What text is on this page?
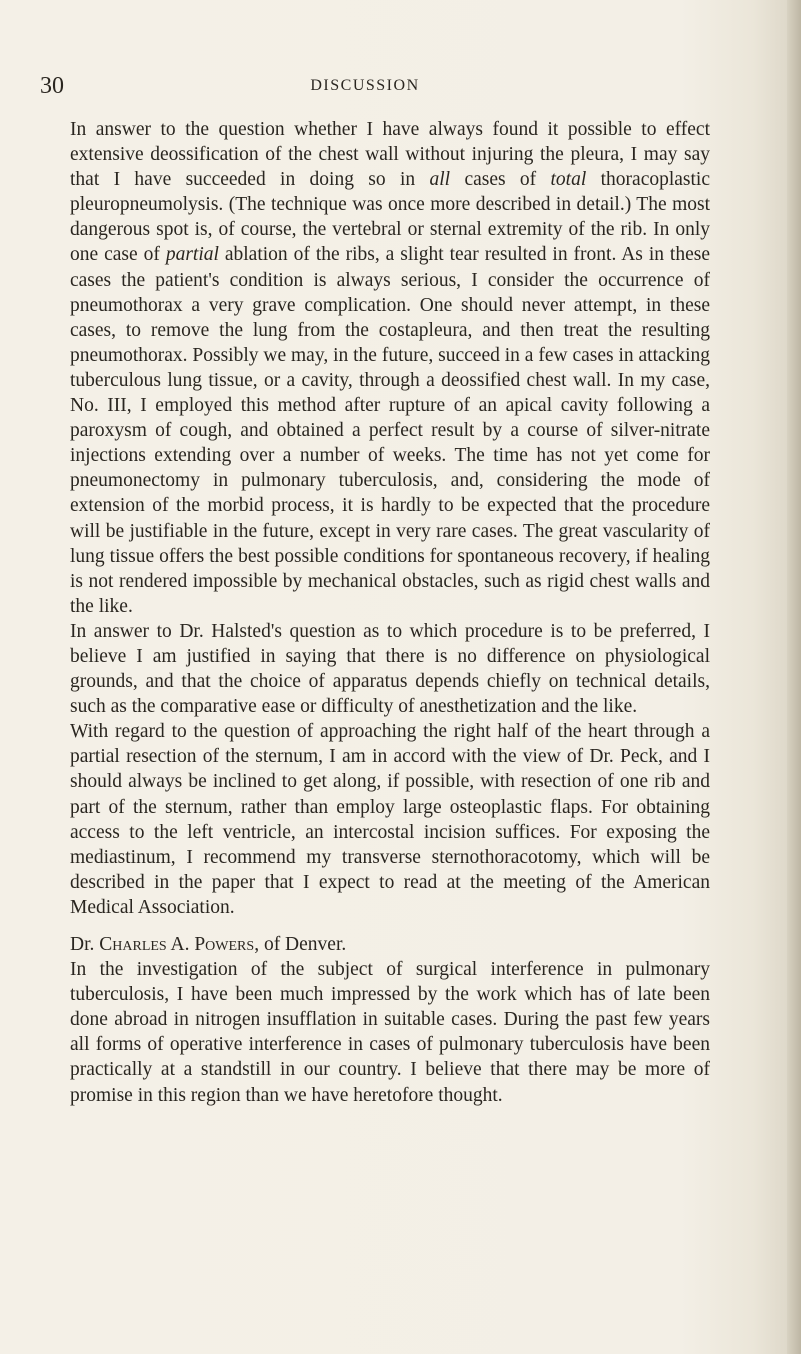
30	DISCUSSION

In answer to the question whether I have always found it possible to effect extensive deossification of the chest wall without injuring the pleura, I may say that I have succeeded in doing so in all cases of total thoracoplastic pleuropneumolysis. (The technique was once more described in detail.) The most dangerous spot is, of course, the vertebral or sternal extremity of the rib. In only one case of partial ablation of the ribs, a slight tear resulted in front. As in these cases the patient's condition is always serious, I consider the occurrence of pneumothorax a very grave complication. One should never attempt, in these cases, to remove the lung from the costapleura, and then treat the resulting pneumothorax. Possibly we may, in the future, succeed in a few cases in attacking tuberculous lung tissue, or a cavity, through a deossified chest wall. In my case, No. III, I employed this method after rupture of an apical cavity following a paroxysm of cough, and obtained a perfect result by a course of silver-nitrate injections extending over a number of weeks. The time has not yet come for pneumonectomy in pulmonary tuberculosis, and, considering the mode of extension of the morbid process, it is hardly to be expected that the procedure will be justifiable in the future, except in very rare cases. The great vascularity of lung tissue offers the best possible conditions for spontaneous recovery, if healing is not rendered impossible by mechanical obstacles, such as rigid chest walls and the like.

In answer to Dr. Halsted's question as to which procedure is to be preferred, I believe I am justified in saying that there is no difference on physiological grounds, and that the choice of apparatus depends chiefly on technical details, such as the comparative ease or difficulty of anesthetization and the like.

With regard to the question of approaching the right half of the heart through a partial resection of the sternum, I am in accord with the view of Dr. Peck, and I should always be inclined to get along, if possible, with resection of one rib and part of the sternum, rather than employ large osteoplastic flaps. For obtaining access to the left ventricle, an intercostal incision suffices. For exposing the mediastinum, I recommend my transverse sternothoracotomy, which will be described in the paper that I expect to read at the meeting of the American Medical Association.

Dr. Charles A. Powers, of Denver.

In the investigation of the subject of surgical interference in pulmonary tuberculosis, I have been much impressed by the work which has of late been done abroad in nitrogen insufflation in suitable cases. During the past few years all forms of operative interference in cases of pulmonary tuberculosis have been practically at a standstill in our country. I believe that there may be more of promise in this region than we have heretofore thought.
